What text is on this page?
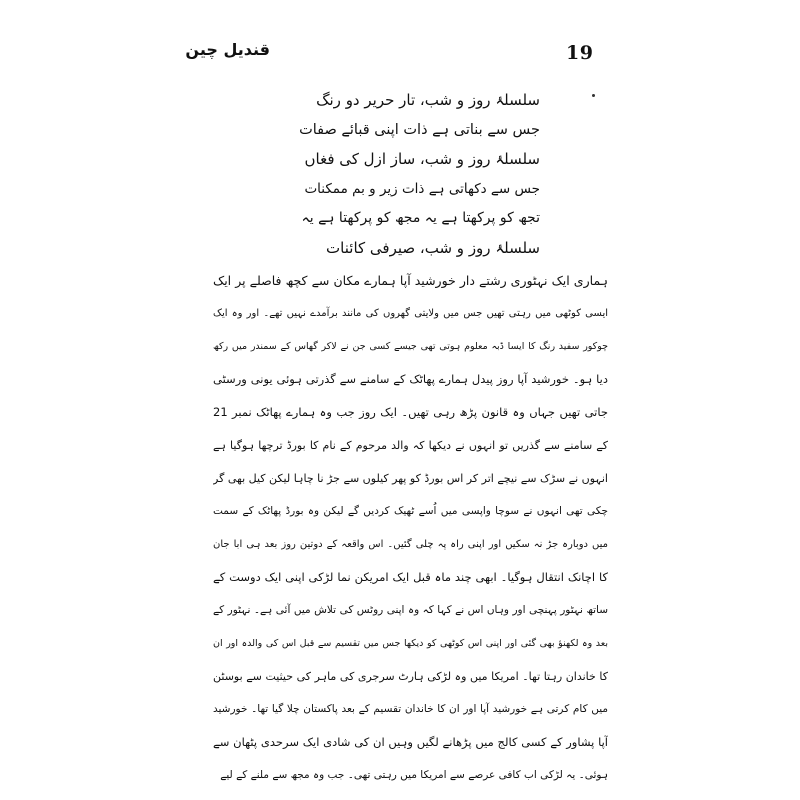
19
قندیل چین
سلسلۂ روز و شب، تار حریر دو رنگ
جس سے بناتی ہے ذات اپنی قبائے صفات
سلسلۂ روز و شب، ساز ازل کی فغاں
جس سے دکھاتی ہے ذات زیر و بم ممکنات
تجھ کو پرکھتا ہے یہ مجھ کو پرکھتا ہے یہ
سلسلۂ روز و شب، صیرفی کائنات
ہماری ایک نہٹوری رشتے دار خورشید آپا ہمارے مکان سے کچھ فاصلے پر ایک
ایسی کوٹھی میں رہتی تھیں جس میں ولایتی گھروں کی مانند برآمدے نہیں تھے۔ اور وہ ایک
چوکور سفید رنگ کا ایسا ڈبہ معلوم ہوتی تھی جیسے کسی جن نے لاکر گھاس کے سمندر میں رکھ
دیا ہو۔ خورشید آپا روز پیدل ہمارے پھاٹک کے سامنے سے گذرتی ہوئی یونی ورسٹی
جاتی تھیں جہاں وہ قانون پڑھ رہی تھیں۔ ایک روز جب وہ ہمارے پھاٹک نمبر 21
کے سامنے سے گذریں تو انہوں نے دیکھا کہ والد مرحوم کے نام کا بورڈ ترچھا ہوگیا ہے
انہوں نے سڑک سے نیچے اتر کر اس بورڈ کو پھر کیلوں سے جڑ نا چاہا لیکن کیل بھی گر
چکی تھی انہوں نے سوچا واپسی میں اُسے ٹھیک کردیں گے لیکن وہ بورڈ پھاٹک کے سمت
میں دوبارہ جڑ نہ سکیں اور اپنی راہ پہ چلی گئیں۔ اس واقعہ کے دوتین روز بعد ہی ابا جان
کا اچانک انتقال ہوگیا۔ ابھی چند ماہ قبل ایک امریکن نما لڑکی اپنی ایک دوست کے
ساتھ نہٹور پہنچی اور وہاں اس نے کہا کہ وہ اپنی روٹس کی تلاش میں آئی ہے۔ نہٹور کے
بعد وہ لکھنؤ بھی گئی اور اپنی اس کوٹھی کو دیکھا جس میں تقسیم سے قبل اس کی والدہ اور ان
کا خاندان رہتا تھا۔ امریکا میں وہ لڑکی ہارٹ سرجری کی ماہر کی حیثیت سے بوسٹن
میں کام کرتی ہے خورشید آپا اور ان کا خاندان تقسیم کے بعد پاکستان چلا گیا تھا۔ خورشید
آپا پشاور کے کسی کالج میں پڑھانے لگیں وہیں ان کی شادی ایک سرحدی پٹھان سے
ہوئی۔ یہ لڑکی اب کافی عرصے سے امریکا میں رہتی تھی۔ جب وہ مجھ سے ملنے کے لیے
